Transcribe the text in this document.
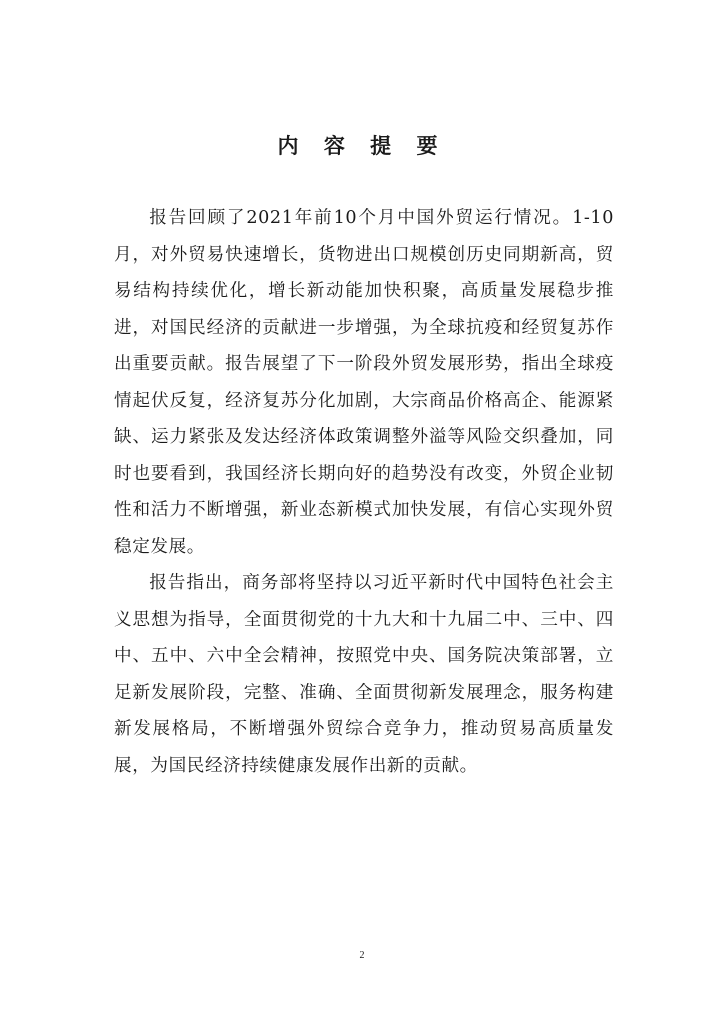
内 容 提 要

报告回顾了2021年前10个月中国外贸运行情况。1-10月，对外贸易快速增长，货物进出口规模创历史同期新高，贸易结构持续优化，增长新动能加快积聚，高质量发展稳步推进，对国民经济的贡献进一步增强，为全球抗疫和经贸复苏作出重要贡献。报告展望了下一阶段外贸发展形势，指出全球疫情起伏反复，经济复苏分化加剧，大宗商品价格高企、能源紧缺、运力紧张及发达经济体政策调整外溢等风险交织叠加，同时也要看到，我国经济长期向好的趋势没有改变，外贸企业韧性和活力不断增强，新业态新模式加快发展，有信心实现外贸稳定发展。

报告指出，商务部将坚持以习近平新时代中国特色社会主义思想为指导，全面贯彻党的十九大和十九届二中、三中、四中、五中、六中全会精神，按照党中央、国务院决策部署，立足新发展阶段，完整、准确、全面贯彻新发展理念，服务构建新发展格局，不断增强外贸综合竞争力，推动贸易高质量发展，为国民经济持续健康发展作出新的贡献。

2
